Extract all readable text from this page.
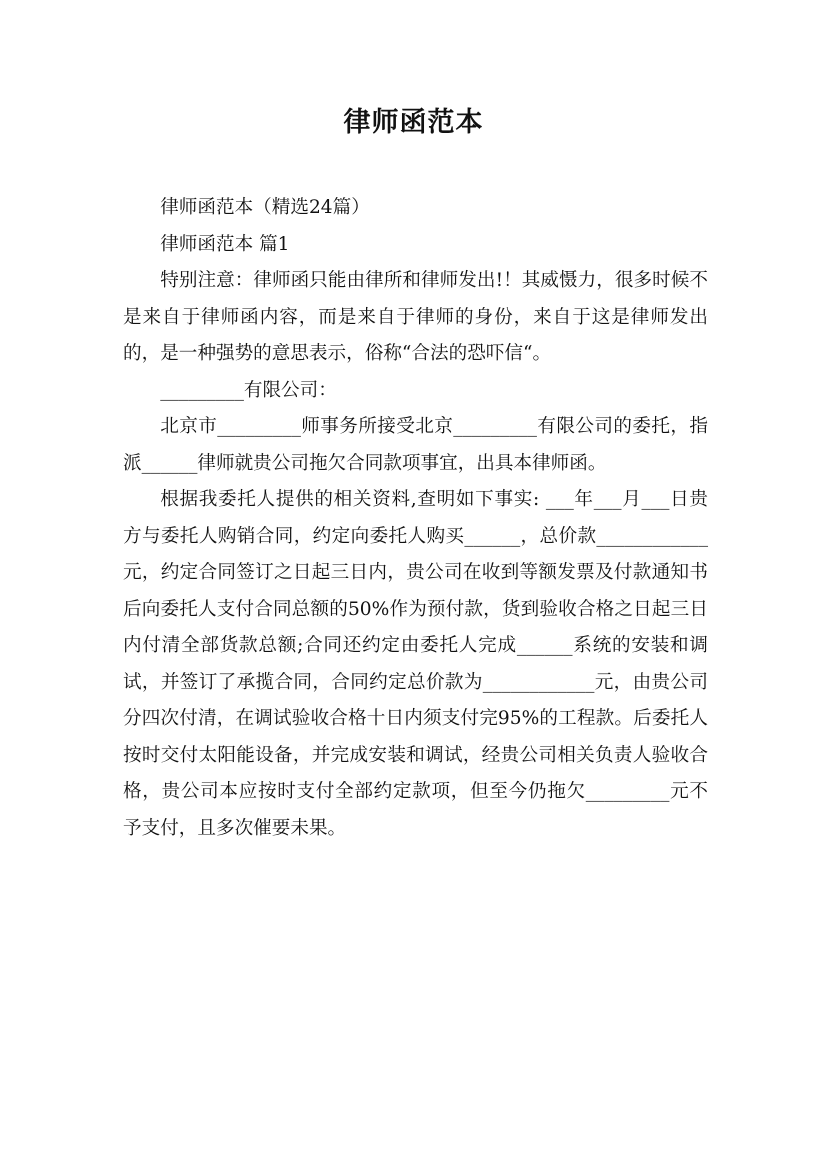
律师函范本

律师函范本（精选24篇）

律师函范本 篇1

特别注意：律师函只能由律所和律师发出!！其威慑力，很多时候不是来自于律师函内容，而是来自于律师的身份，来自于这是律师发出的，是一种强势的意思表示，俗称“合法的恐吓信“。

_________有限公司：

北京市_________师事务所接受北京_________有限公司的委托，指派______律师就贵公司拖欠合同款项事宜，出具本律师函。

根据我委托人提供的相关资料,查明如下事实: ___年___月___日贵方与委托人购销合同，约定向委托人购买______，总价款____________元，约定合同签订之日起三日内，贵公司在收到等额发票及付款通知书后向委托人支付合同总额的50%作为预付款，货到验收合格之日起三日内付清全部货款总额;合同还约定由委托人完成______系统的安装和调试，并签订了承揽合同，合同约定总价款为____________元，由贵公司分四次付清，在调试验收合格十日内须支付完95%的工程款。后委托人按时交付太阳能设备，并完成安装和调试，经贵公司相关负责人验收合格，贵公司本应按时支付全部约定款项，但至今仍拖欠_________元不予支付，且多次催要未果。
